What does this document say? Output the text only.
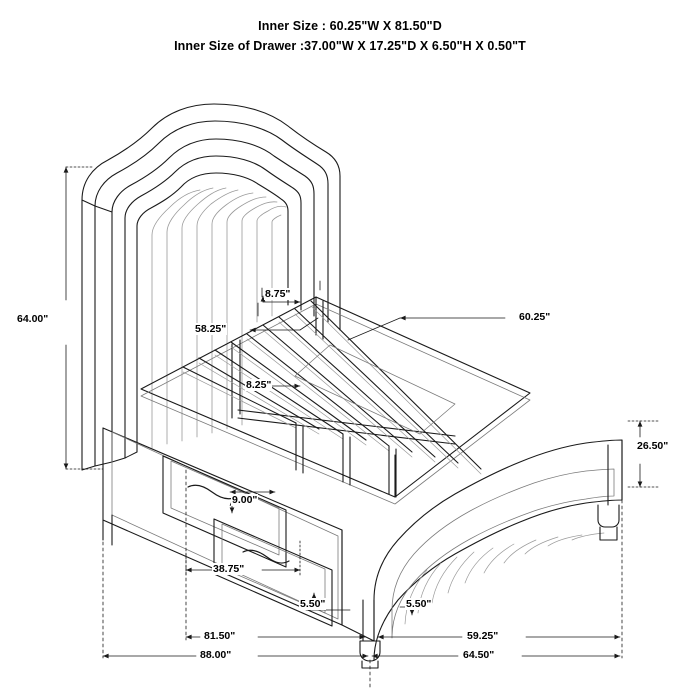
Inner Size : 60.25"W X 81.50"D
Inner Size of Drawer :37.00"W X 17.25"D X 6.50"H X 0.50"T
64.00"
8.75"
58.25"
60.25"
8.25"
9.00"
26.50"
38.75"
5.50"	5.50"
81.50"	59.25"
88.00"	64.50"
